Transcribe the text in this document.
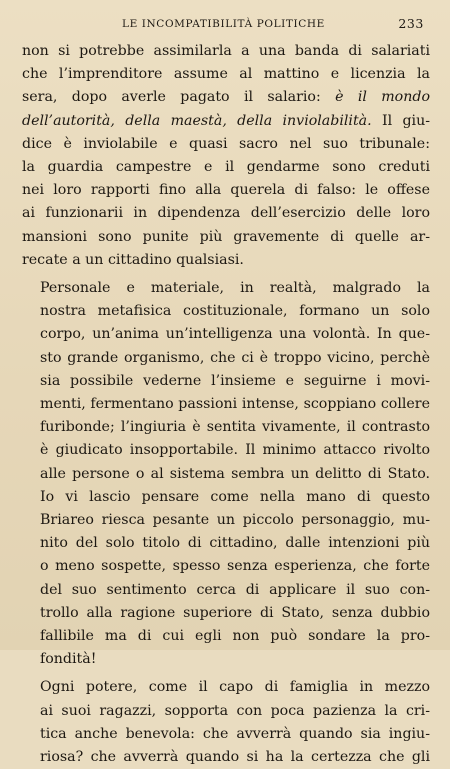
LE INCOMPATIBILITÀ POLITICHE	233

non si potrebbe assimilarla a una banda di salariati
che l’imprenditore assume al mattino e licenzia la
sera, dopo averle pagato il salario: è il mondo
dell’autorità, della maestà, della inviolabilità. Il giu-
dice è inviolabile e quasi sacro nel suo tribunale:
la guardia campestre e il gendarme sono creduti
nei loro rapporti fino alla querela di falso: le offese
ai funzionarii in dipendenza dell’esercizio delle loro
mansioni sono punite più gravemente di quelle ar-
recate a un cittadino qualsiasi.

Personale e materiale, in realtà, malgrado la
nostra metafisica costituzionale, formano un solo
corpo, un’anima un’intelligenza una volontà. In que-
sto grande organismo, che ci è troppo vicino, perchè
sia possibile vederne l’insieme e seguirne i movi-
menti, fermentano passioni intense, scoppiano collere
furibonde; l’ingiuria è sentita vivamente, il contrasto
è giudicato insopportabile. Il minimo attacco rivolto
alle persone o al sistema sembra un delitto di Stato.
Io vi lascio pensare come nella mano di questo
Briareo riesca pesante un piccolo personaggio, mu-
nito del solo titolo di cittadino, dalle intenzioni più
o meno sospette, spesso senza esperienza, che forte
del suo sentimento cerca di applicare il suo con-
trollo alla ragione superiore di Stato, senza dubbio
fallibile ma di cui egli non può sondare la pro-
fondità!

Ogni potere, come il capo di famiglia in mezzo
ai suoi ragazzi, sopporta con poca pazienza la cri-
tica anche benevola: che avverrà quando sia ingiu-
riosa? che avverrà quando si ha la certezza che gli
